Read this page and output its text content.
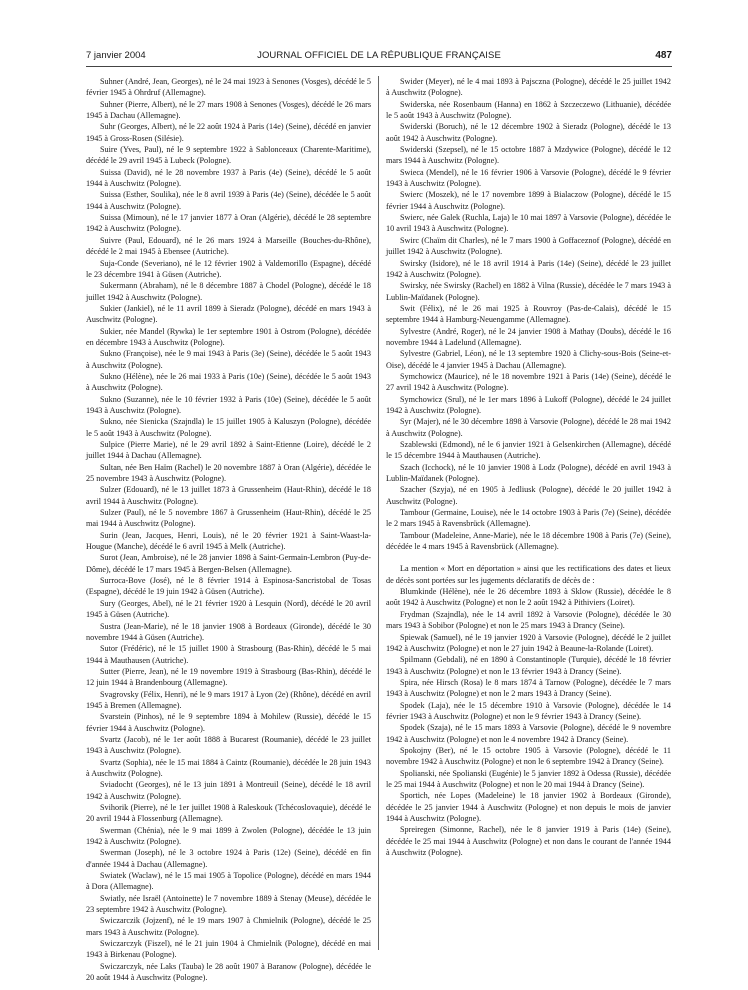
7 janvier 2004	JOURNAL OFFICIEL DE LA RÉPUBLIQUE FRANÇAISE	487

Suhner (André, Jean, Georges), né le 24 mai 1923 à Senones (Vosges), décédé le 5 février 1945 à Ohrdruf (Allemagne).

Suhner (Pierre, Albert), né le 27 mars 1908 à Senones (Vosges), décédé le 26 mars 1945 à Dachau (Allemagne).

Suhr (Georges, Albert), né le 22 août 1924 à Paris (14e) (Seine), décédé en janvier 1945 à Gross-Rosen (Silésie).

Suire (Yves, Paul), né le 9 septembre 1922 à Sablonceaux (Charente-Maritime), décédé le 29 avril 1945 à Lubeck (Pologne).

Suissa (David), né le 28 novembre 1937 à Paris (4e) (Seine), décédé le 5 août 1944 à Auschwitz (Pologne).

Suissa (Esther, Soulika), née le 8 avril 1939 à Paris (4e) (Seine), décédée le 5 août 1944 à Auschwitz (Pologne).

Suissa (Mimoun), né le 17 janvier 1877 à Oran (Algérie), décédé le 28 septembre 1942 à Auschwitz (Pologne).

Suivre (Paul, Edouard), né le 26 mars 1924 à Marseille (Bouches-du-Rhône), décédé le 2 mai 1945 à Ebensee (Autriche).

Suja-Conde (Severiano), né le 12 février 1902 à Valdemorillo (Espagne), décédé le 23 décembre 1941 à Güsen (Autriche).

Sukermann (Abraham), né le 8 décembre 1887 à Chodel (Pologne), décédé le 18 juillet 1942 à Auschwitz (Pologne).

Sukier (Jankiel), né le 11 avril 1899 à Sieradz (Pologne), décédé en mars 1943 à Auschwitz (Pologne).

Sukier, née Mandel (Rywka) le 1er septembre 1901 à Ostrom (Pologne), décédée en décembre 1943 à Auschwitz (Pologne).

Sukno (Françoise), née le 9 mai 1943 à Paris (3e) (Seine), décédée le 5 août 1943 à Auschwitz (Pologne).

Sukno (Hélène), née le 26 mai 1933 à Paris (10e) (Seine), décédée le 5 août 1943 à Auschwitz (Pologne).

Sukno (Suzanne), née le 10 février 1932 à Paris (10e) (Seine), décédée le 5 août 1943 à Auschwitz (Pologne).

Sukno, née Sienicka (Szajndla) le 15 juillet 1905 à Kaluszyn (Pologne), décédée le 5 août 1943 à Auschwitz (Pologne).

Sulpice (Pierre Marie), né le 29 avril 1892 à Saint-Etienne (Loire), décédé le 2 juillet 1944 à Dachau (Allemagne).

Sultan, née Ben Haïm (Rachel) le 20 novembre 1887 à Oran (Algérie), décédée le 25 novembre 1943 à Auschwitz (Pologne).

Sulzer (Edouard), né le 13 juillet 1873 à Grussenheim (Haut-Rhin), décédé le 18 avril 1944 à Auschwitz (Pologne).

Sulzer (Paul), né le 5 novembre 1867 à Grussenheim (Haut-Rhin), décédé le 25 mai 1944 à Auschwitz (Pologne).

Surin (Jean, Jacques, Henri, Louis), né le 20 février 1921 à Saint-Waast-la-Hougue (Manche), décédé le 6 avril 1945 à Melk (Autriche).

Surot (Jean, Ambroise), né le 28 janvier 1898 à Saint-Germain-Lembron (Puy-de-Dôme), décédé le 17 mars 1945 à Bergen-Belsen (Allemagne).

Surroca-Bove (José), né le 8 février 1914 à Espinosa-Sancristobal de Tosas (Espagne), décédé le 19 juin 1942 à Güsen (Autriche).

Sury (Georges, Abel), né le 21 février 1920 à Lesquin (Nord), décédé le 20 avril 1945 à Güsen (Autriche).

Sustra (Jean-Marie), né le 18 janvier 1908 à Bordeaux (Gironde), décédé le 30 novembre 1944 à Güsen (Autriche).

Sutor (Frédéric), né le 15 juillet 1900 à Strasbourg (Bas-Rhin), décédé le 5 mai 1944 à Mauthausen (Autriche).

Sutter (Pierre, Jean), né le 19 novembre 1919 à Strasbourg (Bas-Rhin), décédé le 12 juin 1944 à Brandenbourg (Allemagne).

Svagrovsky (Félix, Henri), né le 9 mars 1917 à Lyon (2e) (Rhône), décédé en avril 1945 à Bremen (Allemagne).

Svarstein (Pinhos), né le 9 septembre 1894 à Mohilew (Russie), décédé le 15 février 1944 à Auschwitz (Pologne).

Svartz (Jacob), né le 1er août 1888 à Bucarest (Roumanie), décédé le 23 juillet 1943 à Auschwitz (Pologne).

Svartz (Sophia), née le 15 mai 1884 à Caintz (Roumanie), décédée le 28 juin 1943 à Auschwitz (Pologne).

Sviadocht (Georges), né le 13 juin 1891 à Montreuil (Seine), décédé le 18 avril 1942 à Auschwitz (Pologne).

Svihorik (Pierre), né le 1er juillet 1908 à Raleskouk (Tchécoslovaquie), décédé le 20 avril 1944 à Flossenburg (Allemagne).

Swerman (Chénia), née le 9 mai 1899 à Zwolen (Pologne), décédée le 13 juin 1942 à Auschwitz (Pologne).

Swerman (Joseph), né le 3 octobre 1924 à Paris (12e) (Seine), décédé en fin d'année 1944 à Dachau (Allemagne).

Swiatek (Waclaw), né le 15 mai 1905 à Topolice (Pologne), décédé en mars 1944 à Dora (Allemagne).

Swiatly, née Israël (Antoinette) le 7 novembre 1889 à Stenay (Meuse), décédée le 23 septembre 1942 à Auschwitz (Pologne).

Swiczarczik (Jojzenf), né le 19 mars 1907 à Chmielnik (Pologne), décédé le 25 mars 1943 à Auschwitz (Pologne).

Swiczarczyk (Fiszel), né le 21 juin 1904 à Chmielnik (Pologne), décédé en mai 1943 à Birkenau (Pologne).

Swiczarczyk, née Laks (Tauba) le 28 août 1907 à Baranow (Pologne), décédée le 20 août 1944 à Auschwitz (Pologne).

Swider (Meyer), né le 4 mai 1893 à Pajsczna (Pologne), décédé le 25 juillet 1942 à Auschwitz (Pologne).

Swiderska, née Rosenbaum (Hanna) en 1862 à Szczeczewo (Lithuanie), décédée le 5 août 1943 à Auschwitz (Pologne).

Swiderski (Boruch), né le 12 décembre 1902 à Sieradz (Pologne), décédé le 13 août 1942 à Auschwitz (Pologne).

Swiderski (Szepsel), né le 15 octobre 1887 à Mzdywice (Pologne), décédé le 12 mars 1944 à Auschwitz (Pologne).

Swieca (Mendel), né le 16 février 1906 à Varsovie (Pologne), décédé le 9 février 1943 à Auschwitz (Pologne).

Swierc (Moszek), né le 17 novembre 1899 à Bialaczow (Pologne), décédé le 15 février 1944 à Auschwitz (Pologne).

Swierc, née Galek (Ruchla, Laja) le 10 mai 1897 à Varsovie (Pologne), décédée le 10 avril 1943 à Auschwitz (Pologne).

Swirc (Chaïm dit Charles), né le 7 mars 1900 à Goffaceznof (Pologne), décédé en juillet 1942 à Auschwitz (Pologne).

Swirsky (Isidore), né le 18 avril 1914 à Paris (14e) (Seine), décédé le 23 juillet 1942 à Auschwitz (Pologne).

Swirsky, née Swirsky (Rachel) en 1882 à Vilna (Russie), décédée le 7 mars 1943 à Lublin-Maïdanek (Pologne).

Swit (Félix), né le 26 mai 1925 à Rouvroy (Pas-de-Calais), décédé le 15 septembre 1944 à Hamburg-Neuengamme (Allemagne).

Sylvestre (André, Roger), né le 24 janvier 1908 à Mathay (Doubs), décédé le 16 novembre 1944 à Ladelund (Allemagne).

Sylvestre (Gabriel, Léon), né le 13 septembre 1920 à Clichy-sous-Bois (Seine-et-Oise), décédé le 4 janvier 1945 à Dachau (Allemagne).

Symchowicz (Maurice), né le 18 novembre 1921 à Paris (14e) (Seine), décédé le 27 avril 1942 à Auschwitz (Pologne).

Symchowicz (Srul), né le 1er mars 1896 à Lukoff (Pologne), décédé le 24 juillet 1942 à Auschwitz (Pologne).

Syr (Majer), né le 30 décembre 1898 à Varsovie (Pologne), décédé le 28 mai 1942 à Auschwitz (Pologne).

Szablewski (Edmond), né le 6 janvier 1921 à Gelsenkirchen (Allemagne), décédé le 15 décembre 1944 à Mauthausen (Autriche).

Szach (Icchock), né le 10 janvier 1908 à Lodz (Pologne), décédé en avril 1943 à Lublin-Maïdanek (Pologne).

Szacher (Szyja), né en 1905 à Jedliusk (Pologne), décédé le 20 juillet 1942 à Auschwitz (Pologne).

Tambour (Germaine, Louise), née le 14 octobre 1903 à Paris (7e) (Seine), décédée le 2 mars 1945 à Ravensbrück (Allemagne).

Tambour (Madeleine, Anne-Marie), née le 18 décembre 1908 à Paris (7e) (Seine), décédée le 4 mars 1945 à Ravensbrück (Allemagne).

La mention « Mort en déportation » ainsi que les rectifications des dates et lieux de décès sont portées sur les jugements déclaratifs de décès de :

Blumkinde (Hélène), née le 26 décembre 1893 à Sklow (Russie), décédée le 8 août 1942 à Auschwitz (Pologne) et non le 2 août 1942 à Pithiviers (Loiret).

Frydman (Szajndla), née le 14 avril 1892 à Varsovie (Pologne), décédée le 30 mars 1943 à Sobibor (Pologne) et non le 25 mars 1943 à Drancy (Seine).

Spiewak (Samuel), né le 19 janvier 1920 à Varsovie (Pologne), décédé le 2 juillet 1942 à Auschwitz (Pologne) et non le 27 juin 1942 à Beaune-la-Rolande (Loiret).

Spilmann (Gebdali), né en 1890 à Constantinople (Turquie), décédé le 18 février 1943 à Auschwitz (Pologne) et non le 13 février 1943 à Drancy (Seine).

Spira, née Hirsch (Rosa) le 8 mars 1874 à Tarnow (Pologne), décédée le 7 mars 1943 à Auschwitz (Pologne) et non le 2 mars 1943 à Drancy (Seine).

Spodek (Laja), née le 15 décembre 1910 à Varsovie (Pologne), décédée le 14 février 1943 à Auschwitz (Pologne) et non le 9 février 1943 à Drancy (Seine).

Spodek (Szaja), né le 15 mars 1893 à Varsovie (Pologne), décédé le 9 novembre 1942 à Auschwitz (Pologne) et non le 4 novembre 1942 à Drancy (Seine).

Spokojny (Ber), né le 15 octobre 1905 à Varsovie (Pologne), décédé le 11 novembre 1942 à Auschwitz (Pologne) et non le 6 septembre 1942 à Drancy (Seine).

Spolianski, née Spolianski (Eugénie) le 5 janvier 1892 à Odessa (Russie), décédée le 25 mai 1944 à Auschwitz (Pologne) et non le 20 mai 1944 à Drancy (Seine).

Sportich, née Lopes (Madeleine) le 18 janvier 1902 à Bordeaux (Gironde), décédée le 25 janvier 1944 à Auschwitz (Pologne) et non depuis le mois de janvier 1944 à Auschwitz (Pologne).

Spreiregen (Simonne, Rachel), née le 8 janvier 1919 à Paris (14e) (Seine), décédée le 25 mai 1944 à Auschwitz (Pologne) et non dans le courant de l'année 1944 à Auschwitz (Pologne).
